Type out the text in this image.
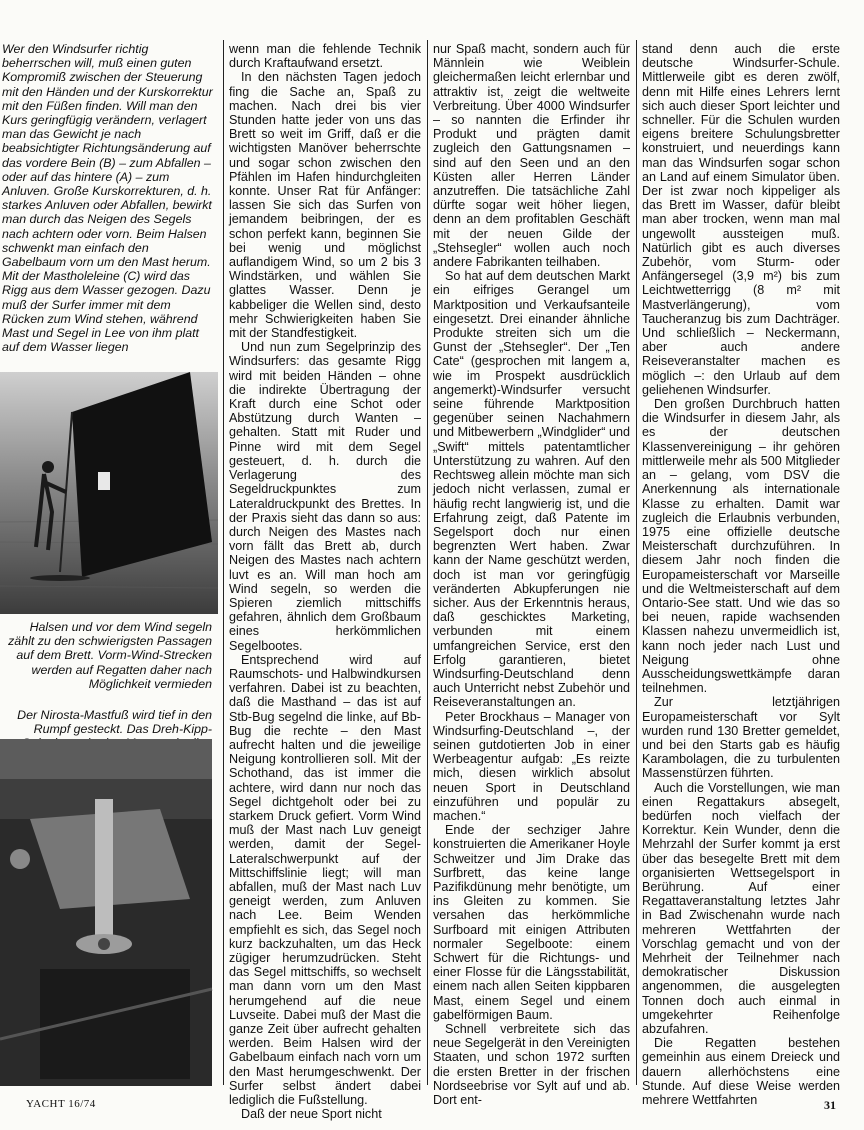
Wer den Windsurfer richtig beherrschen will, muß einen guten Kompromiß zwischen der Steuerung mit den Händen und der Kurskorrektur mit den Füßen finden. Will man den Kurs geringfügig verändern, verlagert man das Gewicht je nach beabsichtigter Richtungsänderung auf das vordere Bein (B) – zum Abfallen – oder auf das hintere (A) – zum Anluven. Große Kurskorrekturen, d. h. starkes Anluven oder Abfallen, bewirkt man durch das Neigen des Segels nach achtern oder vorn. Beim Halsen schwenkt man einfach den Gabelbaum vorn um den Mast herum. Mit der Mastholeleine (C) wird das Rigg aus dem Wasser gezogen. Dazu muß der Surfer immer mit dem Rücken zum Wind stehen, während Mast und Segel in Lee von ihm platt auf dem Wasser liegen

Halsen und vor dem Wind segeln zählt zu den schwierigsten Passagen auf dem Brett. Vorm-Wind-Strecken werden auf Regatten daher nach Möglichkeit vermieden

Der Nirosta-Mastfuß wird tief in den Rumpf gesteckt. Das Dreh-Kipp-

wenn man die fehlende Technik durch Kraftaufwand ersetzt.

In den nächsten Tagen jedoch fing die Sache an, Spaß zu machen. Nach drei bis vier Stunden hatte jeder von uns das Brett so weit im Griff, daß er die wichtigsten Manöver beherrschte und sogar schon zwischen den Pfählen im Hafen hindurchgleiten konnte. Unser Rat für Anfänger: lassen Sie sich das Surfen von jemandem beibringen, der es schon perfekt kann, beginnen Sie bei wenig und möglichst auflandigem Wind, so um 2 bis 3 Windstärken, und wählen Sie glattes Wasser. Denn je kabbeliger die Wellen sind, desto mehr Schwierigkeiten haben Sie mit der Standfestigkeit.

Und nun zum Segelprinzip des Windsurfers: das gesamte Rigg wird mit beiden Händen – ohne die indirekte Übertragung der Kraft durch eine Schot oder Abstützung durch Wanten – gehalten. Statt mit Ruder und Pinne wird mit dem Segel gesteuert, d. h. durch die Verlagerung des Segeldruckpunktes zum Lateraldruckpunkt des Brettes. In der Praxis sieht das dann so aus: durch Neigen des Mastes nach vorn fällt das Brett ab, durch Neigen des Mastes nach achtern luvt es an. Will man hoch am Wind segeln, so werden die Spieren ziemlich mittschiffs gefahren, ähnlich dem Großbaum eines herkömmlichen Segelbootes.

Entsprechend wird auf Raumschots- und Halbwindkursen verfahren. Dabei ist zu beachten, daß die Masthand – das ist auf Stb-Bug segelnd die linke, auf Bb-Bug die rechte – den Mast aufrecht halten und die jeweilige Neigung kontrollieren soll. Mit der Schothand, das ist immer die achtere, wird dann nur noch das Segel dichtgeholt oder bei zu starkem Druck gefiert. Vorm Wind muß der Mast nach Luv geneigt werden, damit der Segel-Lateralschwerpunkt auf der Mittschiffslinie liegt; will man abfallen, muß der Mast nach Luv geneigt werden, zum Anluven nach Lee. Beim Wenden empfiehlt es sich, das Segel noch kurz backzuhalten, um das Heck zügiger herumzudrücken. Steht das Segel mittschiffs, so wechselt man dann vorn um den Mast herumgehend auf die neue Luvseite. Dabei muß der Mast die ganze Zeit über aufrecht gehalten werden. Beim Halsen wird der Gabelbaum einfach nach vorn um den Mast herumgeschwenkt. Der Surfer selbst ändert dabei lediglich die Fußstellung.

Daß der neue Sport nicht

nur Spaß macht, sondern auch für Männlein wie Weiblein gleichermaßen leicht erlernbar und attraktiv ist, zeigt die weltweite Verbreitung. Über 4000 Windsurfer – so nannten die Erfinder ihr Produkt und prägten damit zugleich den Gattungsnamen – sind auf den Seen und an den Küsten aller Herren Länder anzutreffen. Die tatsächliche Zahl dürfte sogar weit höher liegen, denn an dem profitablen Geschäft mit der neuen Gilde der „Stehsegler“ wollen auch noch andere Fabrikanten teilhaben.

So hat auf dem deutschen Markt ein eifriges Gerangel um Marktposition und Verkaufsanteile eingesetzt. Drei einander ähnliche Produkte streiten sich um die Gunst der „Stehsegler“. Der „Ten Cate“ (gesprochen mit langem a, wie im Prospekt ausdrücklich angemerkt)-Windsurfer versucht seine führende Marktposition gegenüber seinen Nachahmern und Mitbewerbern „Windglider“ und „Swift“ mittels patentamtlicher Unterstützung zu wahren. Auf den Rechtsweg allein möchte man sich jedoch nicht verlassen, zumal er häufig recht langwierig ist, und die Erfahrung zeigt, daß Patente im Segelsport doch nur einen begrenzten Wert haben. Zwar kann der Name geschützt werden, doch ist man vor geringfügig veränderten Abkupferungen nie sicher. Aus der Erkenntnis heraus, daß geschicktes Marketing, verbunden mit einem umfangreichen Service, erst den Erfolg garantieren, bietet Windsurfing-Deutschland denn auch Unterricht nebst Zubehör und Reiseveranstaltungen an.

Peter Brockhaus – Manager von Windsurfing-Deutschland –, der seinen gutdotierten Job in einer Werbeagentur aufgab: „Es reizte mich, diesen wirklich absolut neuen Sport in Deutschland einzuführen und populär zu machen.“

Ende der sechziger Jahre konstruierten die Amerikaner Hoyle Schweitzer und Jim Drake das Surfbrett, das keine lange Pazifikdünung mehr benötigte, um ins Gleiten zu kommen. Sie versahen das herkömmliche Surfboard mit einigen Attributen normaler Segelboote: einem Schwert für die Richtungs- und einer Flosse für die Längsstabilität, einem nach allen Seiten kippbaren Mast, einem Segel und einem gabelförmigen Baum.

Schnell verbreitete sich das neue Segelgerät in den Vereinigten Staaten, und schon 1972 surften die ersten Bretter in der frischen Nordseebrise vor Sylt auf und ab. Dort ent-

stand denn auch die erste deutsche Windsurfer-Schule. Mittlerweile gibt es deren zwölf, denn mit Hilfe eines Lehrers lernt sich auch dieser Sport leichter und schneller. Für die Schulen wurden eigens breitere Schulungsbretter konstruiert, und neuerdings kann man das Windsurfen sogar schon an Land auf einem Simulator üben. Der ist zwar noch kippeliger als das Brett im Wasser, dafür bleibt man aber trocken, wenn man mal ungewollt aussteigen muß. Natürlich gibt es auch diverses Zubehör, vom Sturm- oder Anfängersegel (3,9 m²) bis zum Leichtwetterrigg (8 m² mit Mastverlängerung), vom Taucheranzug bis zum Dachträger. Und schließlich – Neckermann, aber auch andere Reiseveranstalter machen es möglich –: den Urlaub auf dem geliehenen Windsurfer.

Den großen Durchbruch hatten die Windsurfer in diesem Jahr, als es der deutschen Klassenvereinigung – ihr gehören mittlerweile mehr als 500 Mitglieder an – gelang, vom DSV die Anerkennung als internationale Klasse zu erhalten. Damit war zugleich die Erlaubnis verbunden, 1975 eine offizielle deutsche Meisterschaft durchzuführen. In diesem Jahr noch finden die Europameisterschaft vor Marseille und die Weltmeisterschaft auf dem Ontario-See statt. Und wie das so bei neuen, rapide wachsenden Klassen nahezu unvermeidlich ist, kann noch jeder nach Lust und Neigung ohne Ausscheidungswettkämpfe daran teilnehmen.

Zur letztjährigen Europameisterschaft vor Sylt wurden rund 130 Bretter gemeldet, und bei den Starts gab es häufig Karambolagen, die zu turbulenten Massenstürzen führten.

Auch die Vorstellungen, wie man einen Regattakurs absegelt, bedürfen noch vielfach der Korrektur. Kein Wunder, denn die Mehrzahl der Surfer kommt ja erst über das besegelte Brett mit dem organisierten Wettsegelsport in Berührung. Auf einer Regattaveranstaltung letztes Jahr in Bad Zwischenahn wurde nach mehreren Wettfahrten der Vorschlag gemacht und von der Mehrheit der Teilnehmer nach demokratischer Diskussion angenommen, die ausgelegten Tonnen doch auch einmal in umgekehrter Reihenfolge abzufahren.

Die Regatten bestehen gemeinhin aus einem Dreieck und dauern allerhöchstens eine Stunde. Auf diese Weise werden mehrere Wettfahrten

YACHT 16/74	31
